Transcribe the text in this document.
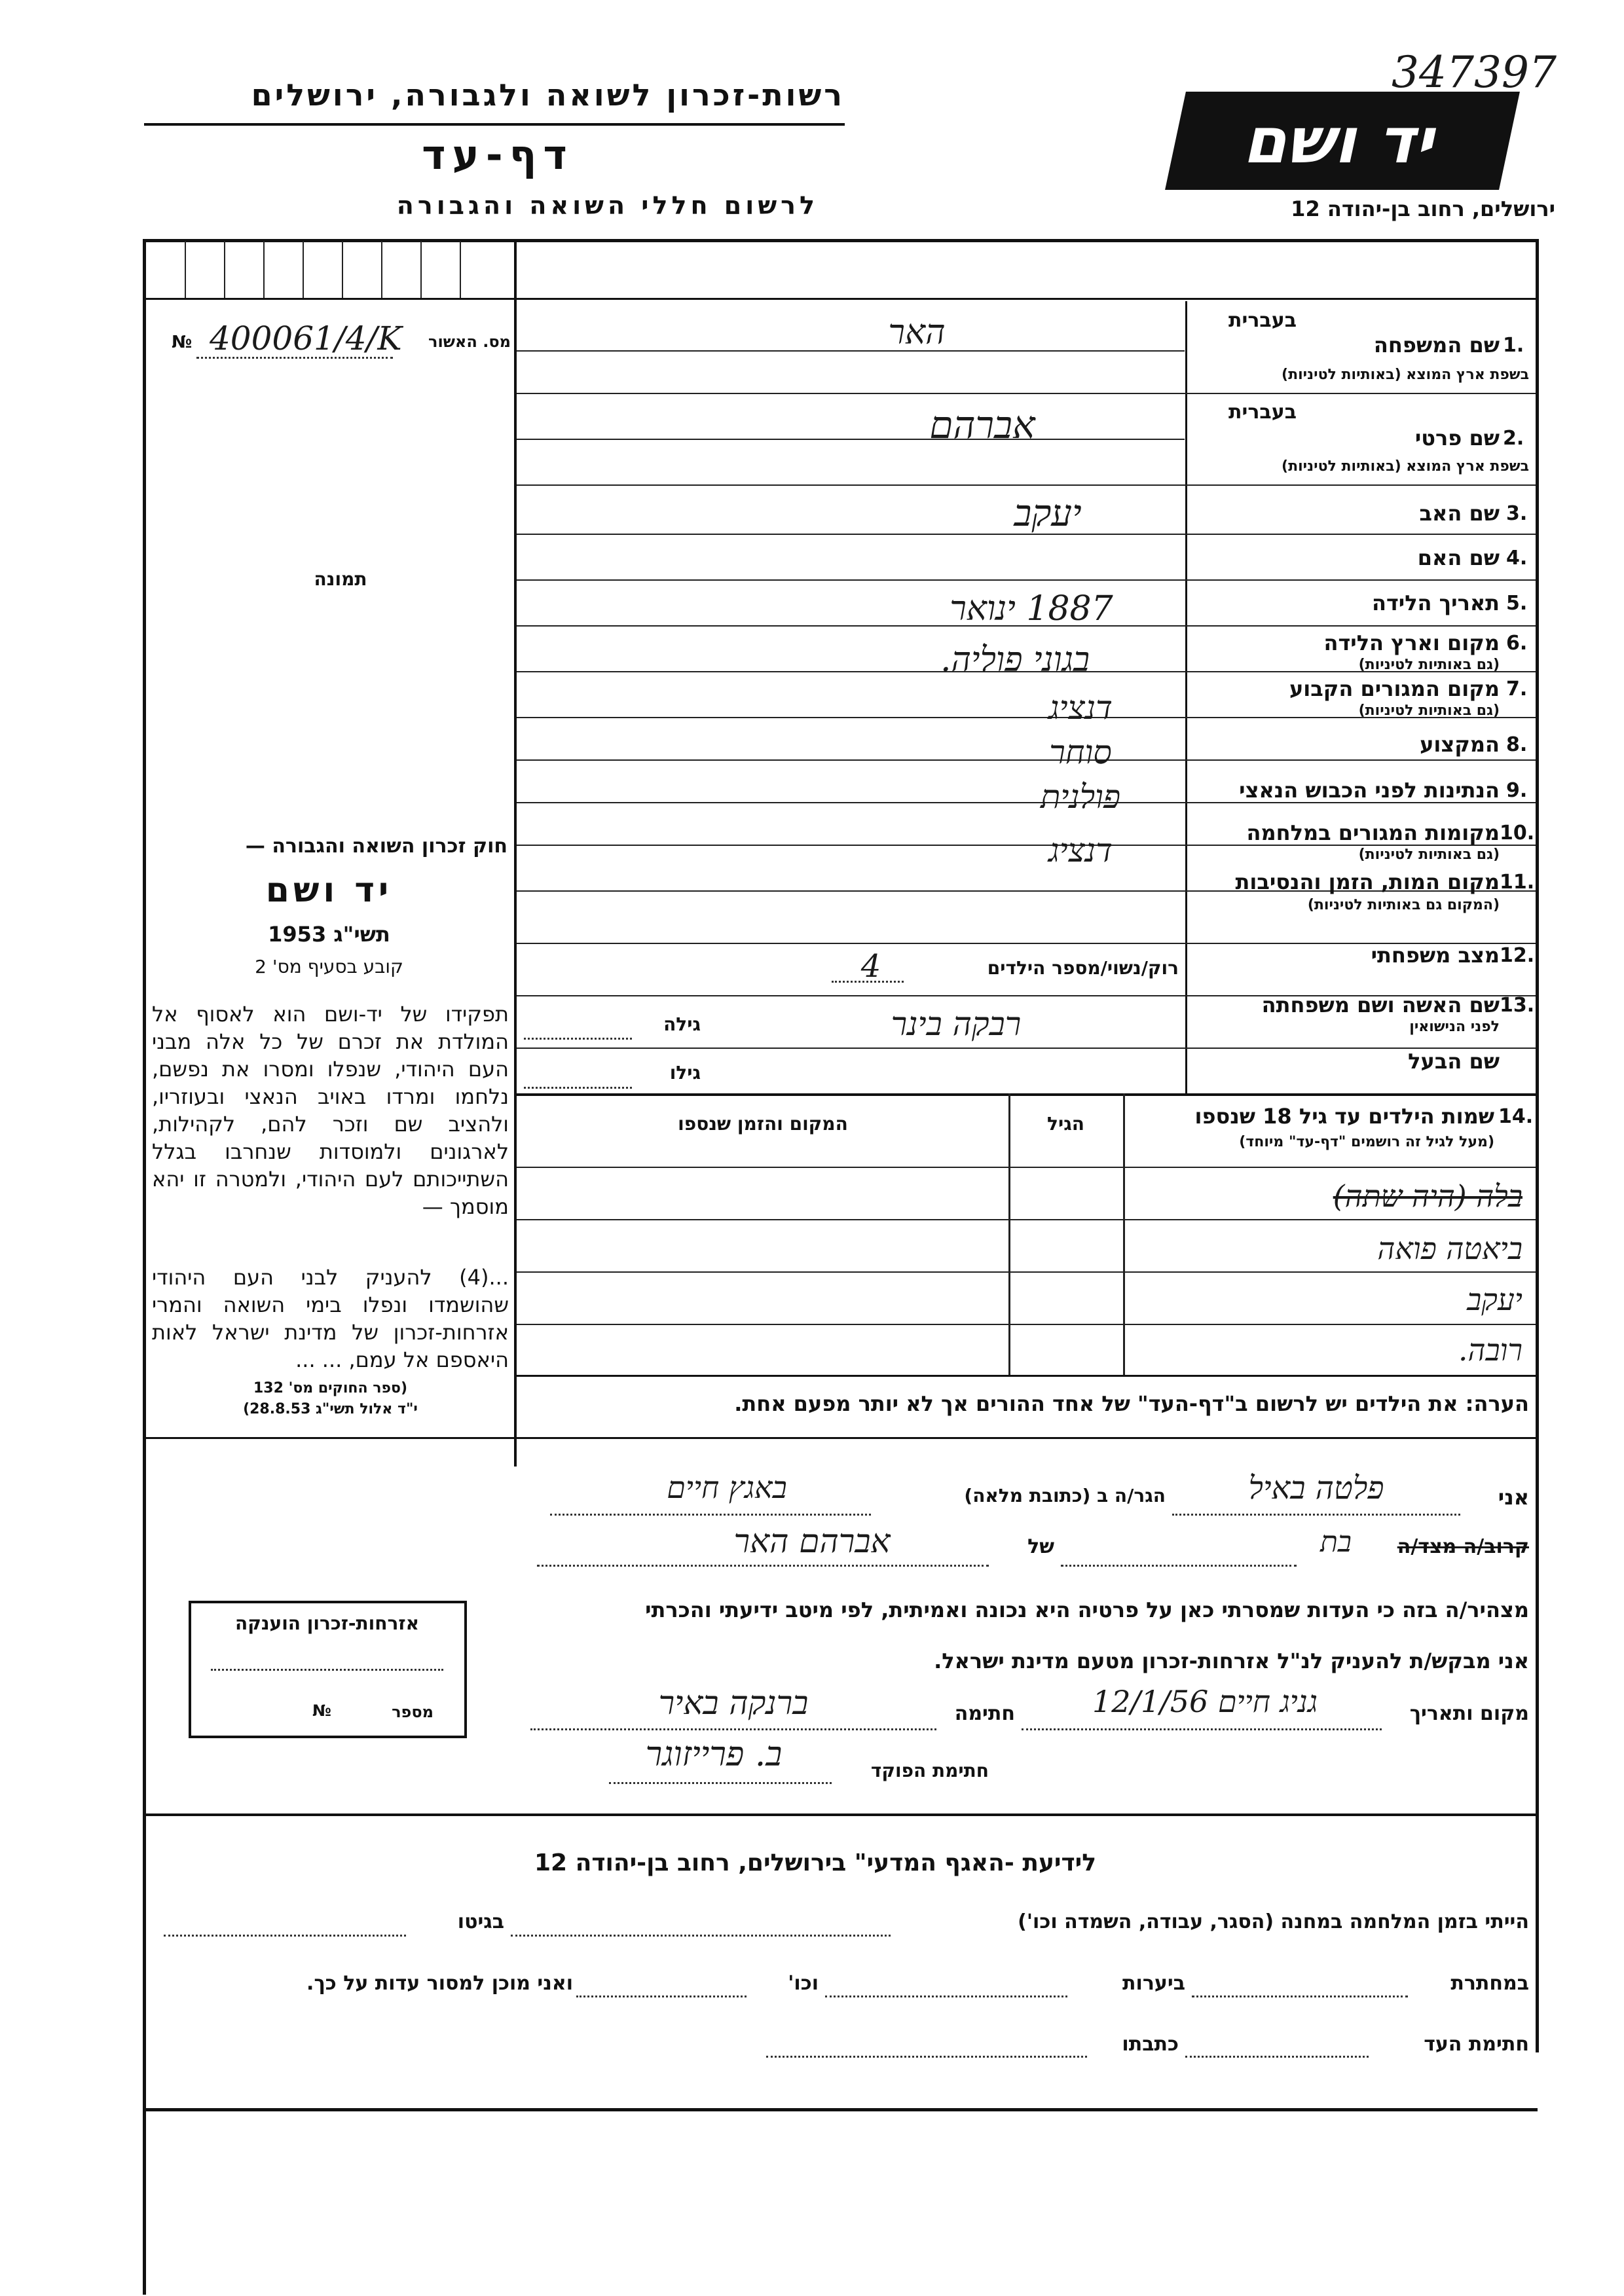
רשות-זכרון לשואה ולגבורה, ירושלים
דף-עד
לרשום חללי השואה והגבורה
יד ושם
347397
ירושלים, רחוב בן-יהודה 12
מס. האשור
№ 400061/4/K
תמונה
חוק זכרון השואה והגבורה —
יד ושם
תשי"ג 1953
קובע בסעיף מס' 2
תפקידו של יד-ושם הוא לאסוף אל המולדת את זכרם של כל אלה מבני העם היהודי, שנפלו ומסרו את נפשם, נלחמו ומרדו באויב הנאצי ובעוזריו, ולהציב שם וזכר להם, לקהילות, לארגונים ולמוסדות שנחרבו בגלל השתייכותם לעם היהודי, ולמטרה זו יהא מוסמך —
...(4) להעניק לבני העם היהודי שהושמדו ונפלו בימי השואה והמרי אזרחות-זכרון של מדינת ישראל לאות היאספם אל עמם, ... ...
(ספר החוקים מס' 132
י"ד אלול תשי"ג 28.8.53)
בעברית
שם המשפחה 1.
בשפת ארץ המוצא (באותיות לטיניות)
האר
בעברית
שם פרטי 2.
בשפת ארץ המוצא (באותיות לטיניות)
אברהם
שם האב 3.
יעקב
שם האם 4.
תאריך הלידה 5.
1887 ינואר
מקום וארץ הלידה 6.
(גם באותיות לטיניות)
בגוני פוליה.
מקום המגורים הקבוע 7.
(גם באותיות לטיניות)
דנציג
המקצוע 8.
סוחר
הנתינות לפני הכבוש הנאצי 9.
פולנית
מקומות המגורים במלחמה 10.
(גם באותיות לטיניות)
דנציג
מקום המות, הזמן והנסיבות 11.
(המקום גם באותיות לטיניות)
מצב משפחתי 12.
רוק/נשוי/מספר הילדים
4
שם האשה ושם משפחתה 13.
לפני הנישואין
רבקה בינר
גילה
שם הבעל
גילו
14.
שמות הילדים עד גיל 18 שנספו
(מעל לגיל זה רושמים "דף-עד" מיוחד)
הגיל
המקום והזמן שנספו
בלה (היה שתה)
ביאטה פואה
יעקב
רובה.
הערה: את הילדים יש לרשום ב"דף-העד" של אחד ההורים אך לא יותר מפעם אחת.
אני
פלטה באיל
הגר/ה ב (כתובת מלאה)
באגץ חיים
קרוב/ה מצד/ה
בת
של
אברהם האר
מצהיר/ה בזה כי העדות שמסרתי כאן על פרטיה היא נכונה ואמיתית, לפי מיטב ידיעתי והכרתי
אני מבקש/ת להעניק לנ"ל אזרחות-זכרון מטעם מדינת ישראל.
מקום ותאריך
גניג חיים 12/1/56
חתימה
ברנקה באיר
חתימת הפוקד
ב. פרייזוגר
אזרחות-זכרון הוענקה
מספר
№
לידיעת -האגף המדעי" בירושלים, רחוב בן-יהודה 12
הייתי בזמן המלחמה במחנה (הסגר, עבודה, השמדה וכו')
בגיטו
במחתרת
ביערות
וכו'
ואני מוכן למסור עדות על כך.
חתימת העד
כתבתו
